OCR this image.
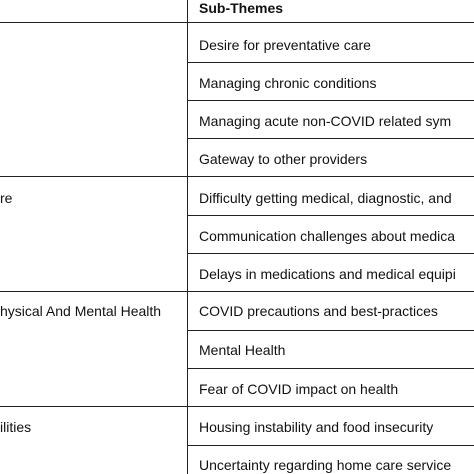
Sub-Themes
re
hysical And Mental Health
ilities
Desire for preventative care
Managing chronic conditions
Managing acute non-COVID related sym
Gateway to other providers
Difficulty getting medical, diagnostic, and
Communication challenges about medica
Delays in medications and medical equipi
COVID precautions and best-practices
Mental Health
Fear of COVID impact on health
Housing instability and food insecurity
Uncertainty regarding home care service
